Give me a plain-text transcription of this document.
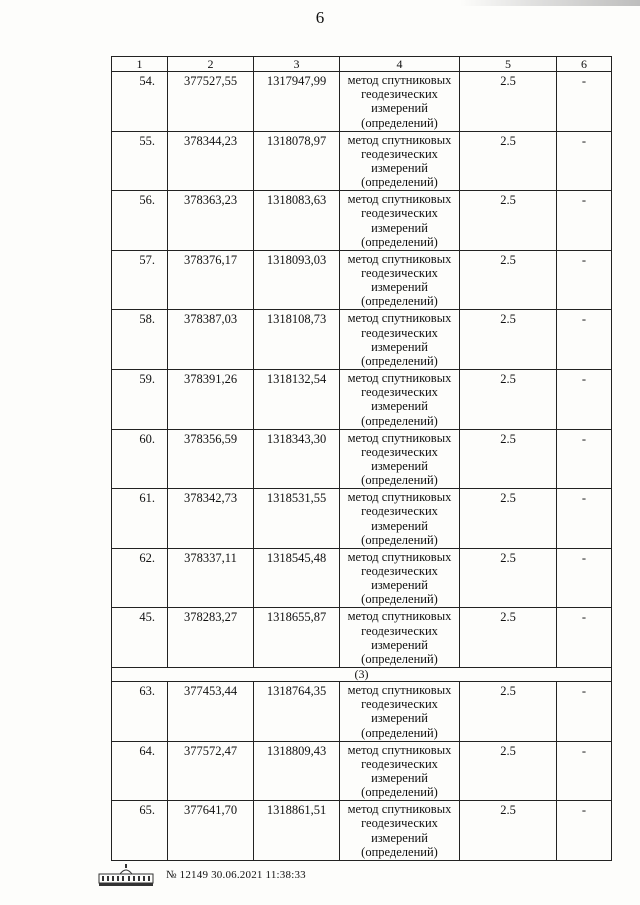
6
1	2	3	4	5	6
54.	377527,55	1317947,99	метод спутниковых
геодезических
измерений
(определений)	2.5	-
55.	378344,23	1318078,97	метод спутниковых
геодезических
измерений
(определений)	2.5	-
56.	378363,23	1318083,63	метод спутниковых
геодезических
измерений
(определений)	2.5	-
57.	378376,17	1318093,03	метод спутниковых
геодезических
измерений
(определений)	2.5	-
58.	378387,03	1318108,73	метод спутниковых
геодезических
измерений
(определений)	2.5	-
59.	378391,26	1318132,54	метод спутниковых
геодезических
измерений
(определений)	2.5	-
60.	378356,59	1318343,30	метод спутниковых
геодезических
измерений
(определений)	2.5	-
61.	378342,73	1318531,55	метод спутниковых
геодезических
измерений
(определений)	2.5	-
62.	378337,11	1318545,48	метод спутниковых
геодезических
измерений
(определений)	2.5	-
45.	378283,27	1318655,87	метод спутниковых
геодезических
измерений
(определений)	2.5	-
(3)					
63.	377453,44	1318764,35	метод спутниковых
геодезических
измерений
(определений)	2.5	-
64.	377572,47	1318809,43	метод спутниковых
геодезических
измерений
(определений)	2.5	-
65.	377641,70	1318861,51	метод спутниковых
геодезических
измерений
(определений)	2.5	-
№ 12149 30.06.2021 11:38:33
